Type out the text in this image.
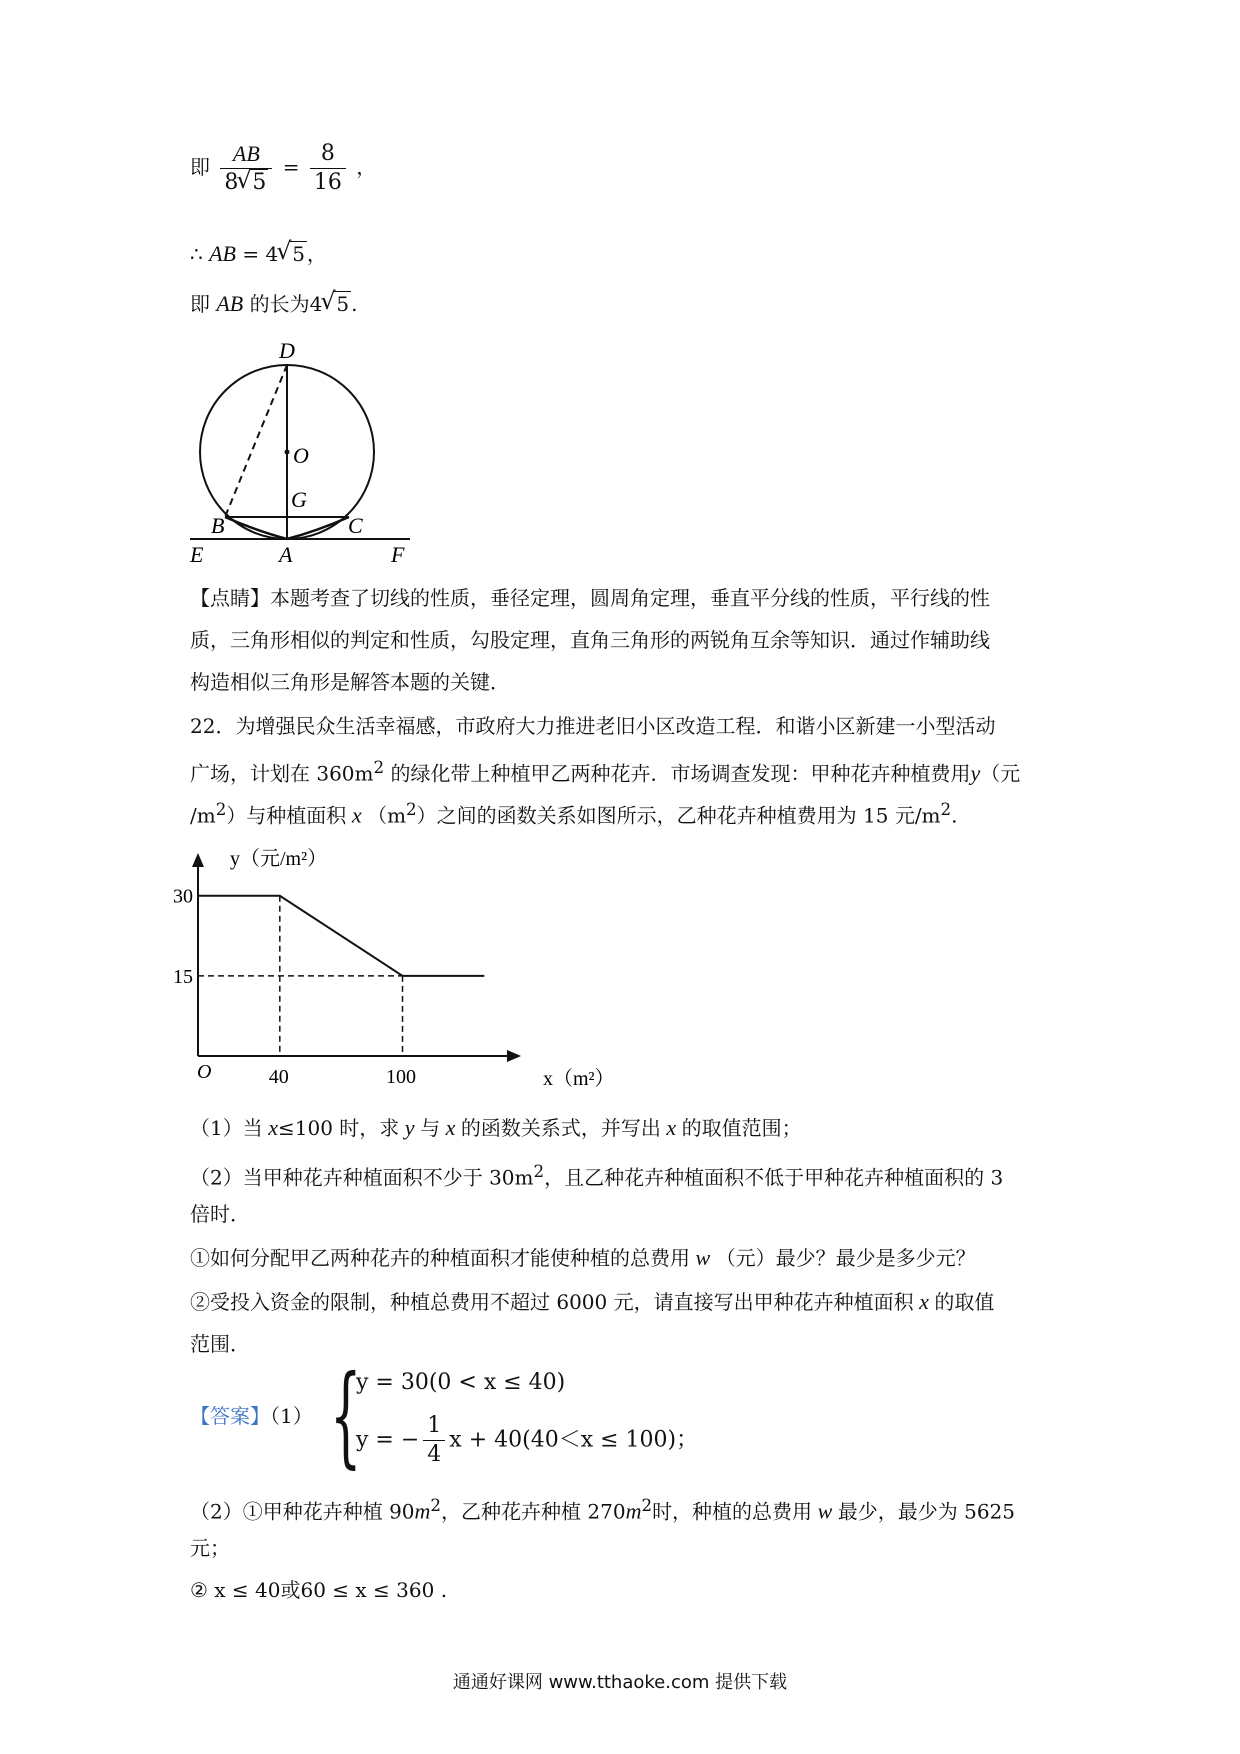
即 $\frac{AB}{8 √ 5} = \frac{8}{16}$ ，
∴ AB = 4 √ 5 ，
即 AB 的长为4 √ 5 .
D
O
G
B	C
E	A	F
【点睛】本题考查了切线的性质，垂径定理，圆周角定理，垂直平分线的性质，平行线的性
质，三角形相似的判定和性质，勾股定理，直角三角形的两锐角互余等知识．通过作辅助线
构造相似三角形是解答本题的关键．
22．为增强民众生活幸福感，市政府大力推进老旧小区改造工程．和谐小区新建一小型活动
广场，计划在 $360m^2$ 的绿化带上种植甲乙两种花卉．市场调查发现：甲种花卉种植费用y（元
$/m^2$）与种植面积 x $(m^2)$之间的函数关系如图所示，乙种花卉种植费用为 15 元$/m^2$.
y（元/m²）
x（m²）
O	40	100
30
15
（1）当 x≤100 时，求 y 与 x 的函数关系式，并写出 x 的取值范围；
（2）当甲种花卉种植面积不少于 $30m^2$，且乙种花卉种植面积不低于甲种花卉种植面积的 3
倍时．
①如何分配甲乙两种花卉的种植面积才能使种植的总费用 w （元）最少？最少是多少元？
②受投入资金的限制，种植总费用不超过 6000 元，请直接写出甲种花卉种植面积 x 的取值
范围．
【答案】（1） {
y = 30(0 < x ≤ 40)
y = − $\frac{1}{4}$ x + 40(40＜x ≤ 100)；
（2）①甲种花卉种植 $90m^2$，乙种花卉种植 $270m^2$时，种植的总费用 w 最少，最少为 5625
元；
② x ≤ 40或60 ≤ x ≤ 360 .
通通好课网 www.tthaoke.com 提供下载
